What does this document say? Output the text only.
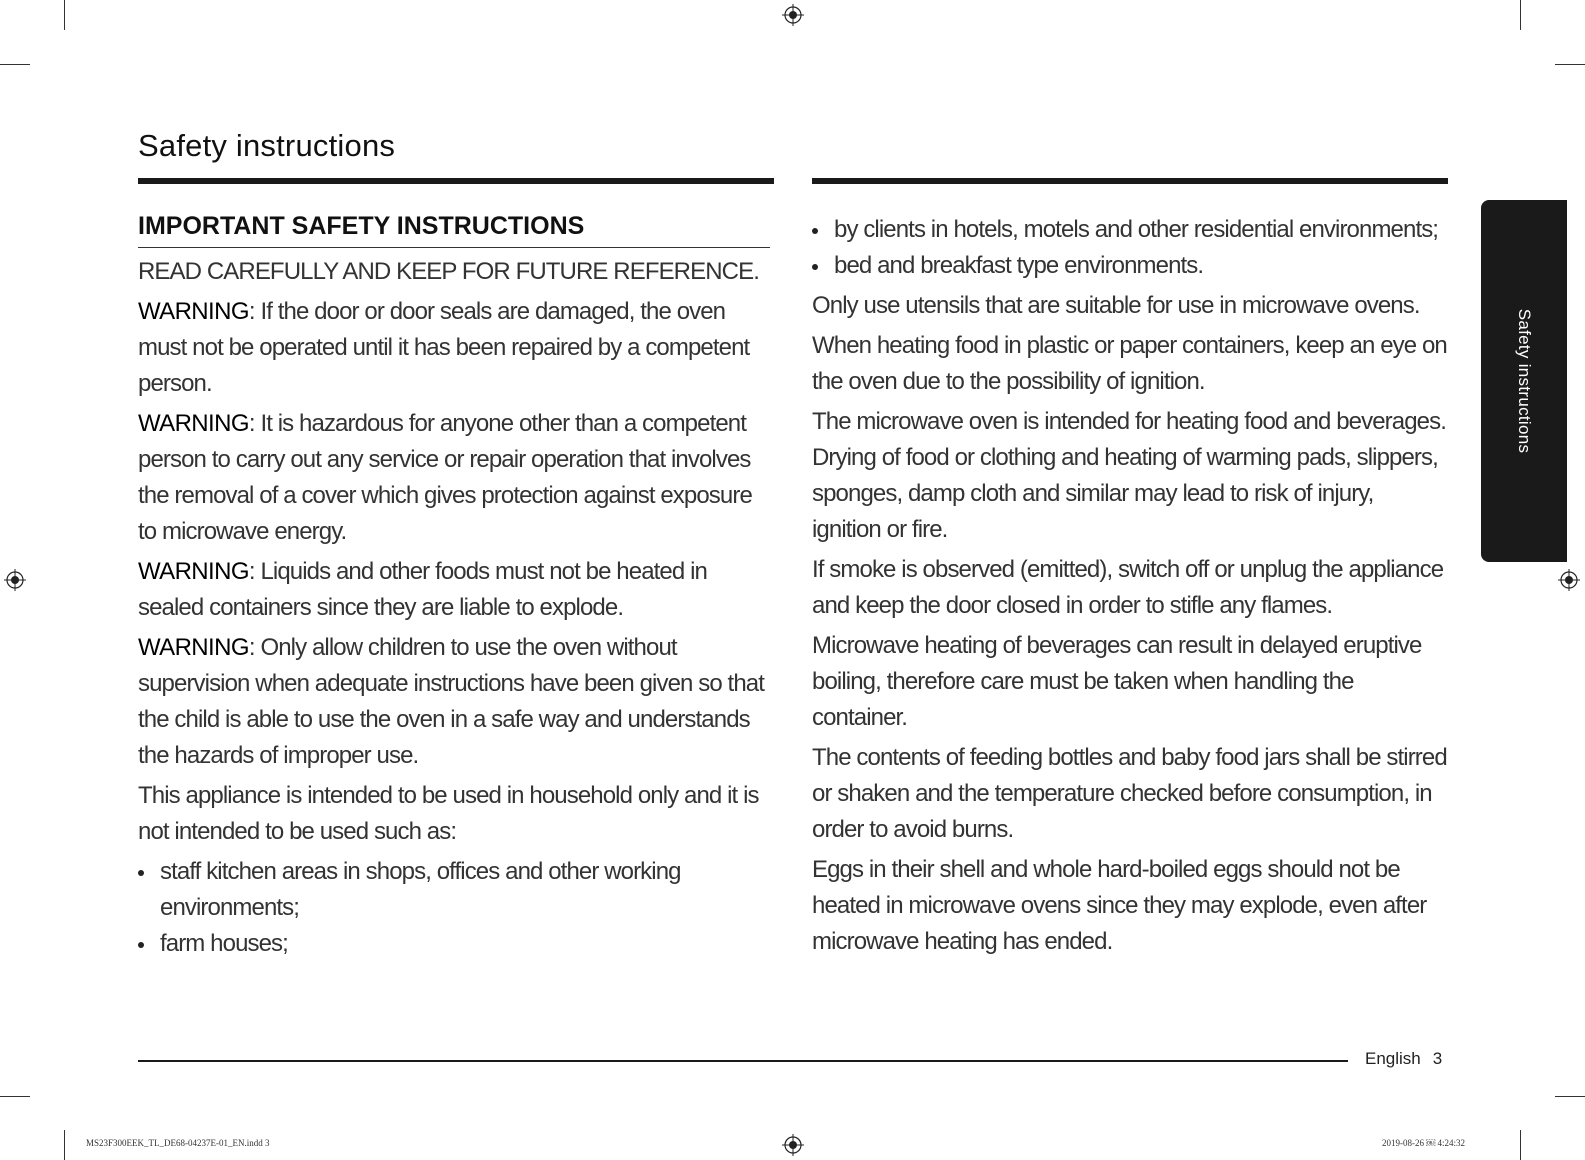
Safety instructions
IMPORTANT SAFETY INSTRUCTIONS

READ CAREFULLY AND KEEP FOR FUTURE REFERENCE.

WARNING: If the door or door seals are damaged, the oven must not be operated until it has been repaired by a competent person.

WARNING: It is hazardous for anyone other than a competent person to carry out any service or repair operation that involves the removal of a cover which gives protection against exposure to microwave energy.

WARNING: Liquids and other foods must not be heated in sealed containers since they are liable to explode.

WARNING: Only allow children to use the oven without supervision when adequate instructions have been given so that the child is able to use the oven in a safe way and understands the hazards of improper use.

This appliance is intended to be used in household only and it is not intended to be used such as:

staff kitchen areas in shops, offices and other working environments;
farm houses;
by clients in hotels, motels and other residential environments;
bed and breakfast type environments.

Only use utensils that are suitable for use in microwave ovens.

When heating food in plastic or paper containers, keep an eye on the oven due to the possibility of ignition.

The microwave oven is intended for heating food and beverages. Drying of food or clothing and heating of warming pads, slippers, sponges, damp cloth and similar may lead to risk of injury, ignition or fire.

If smoke is observed (emitted), switch off or unplug the appliance and keep the door closed in order to stifle any flames.

Microwave heating of beverages can result in delayed eruptive boiling, therefore care must be taken when handling the container.

The contents of feeding bottles and baby food jars shall be stirred or shaken and the temperature checked before consumption, in order to avoid burns.

Eggs in their shell and whole hard-boiled eggs should not be heated in microwave ovens since they may explode, even after microwave heating has ended.

Safety instructions
English 3
MS23F300EEK_TL_DE68-04237E-01_EN.indd 3	2019-08-26 ￼ 4:24:32
